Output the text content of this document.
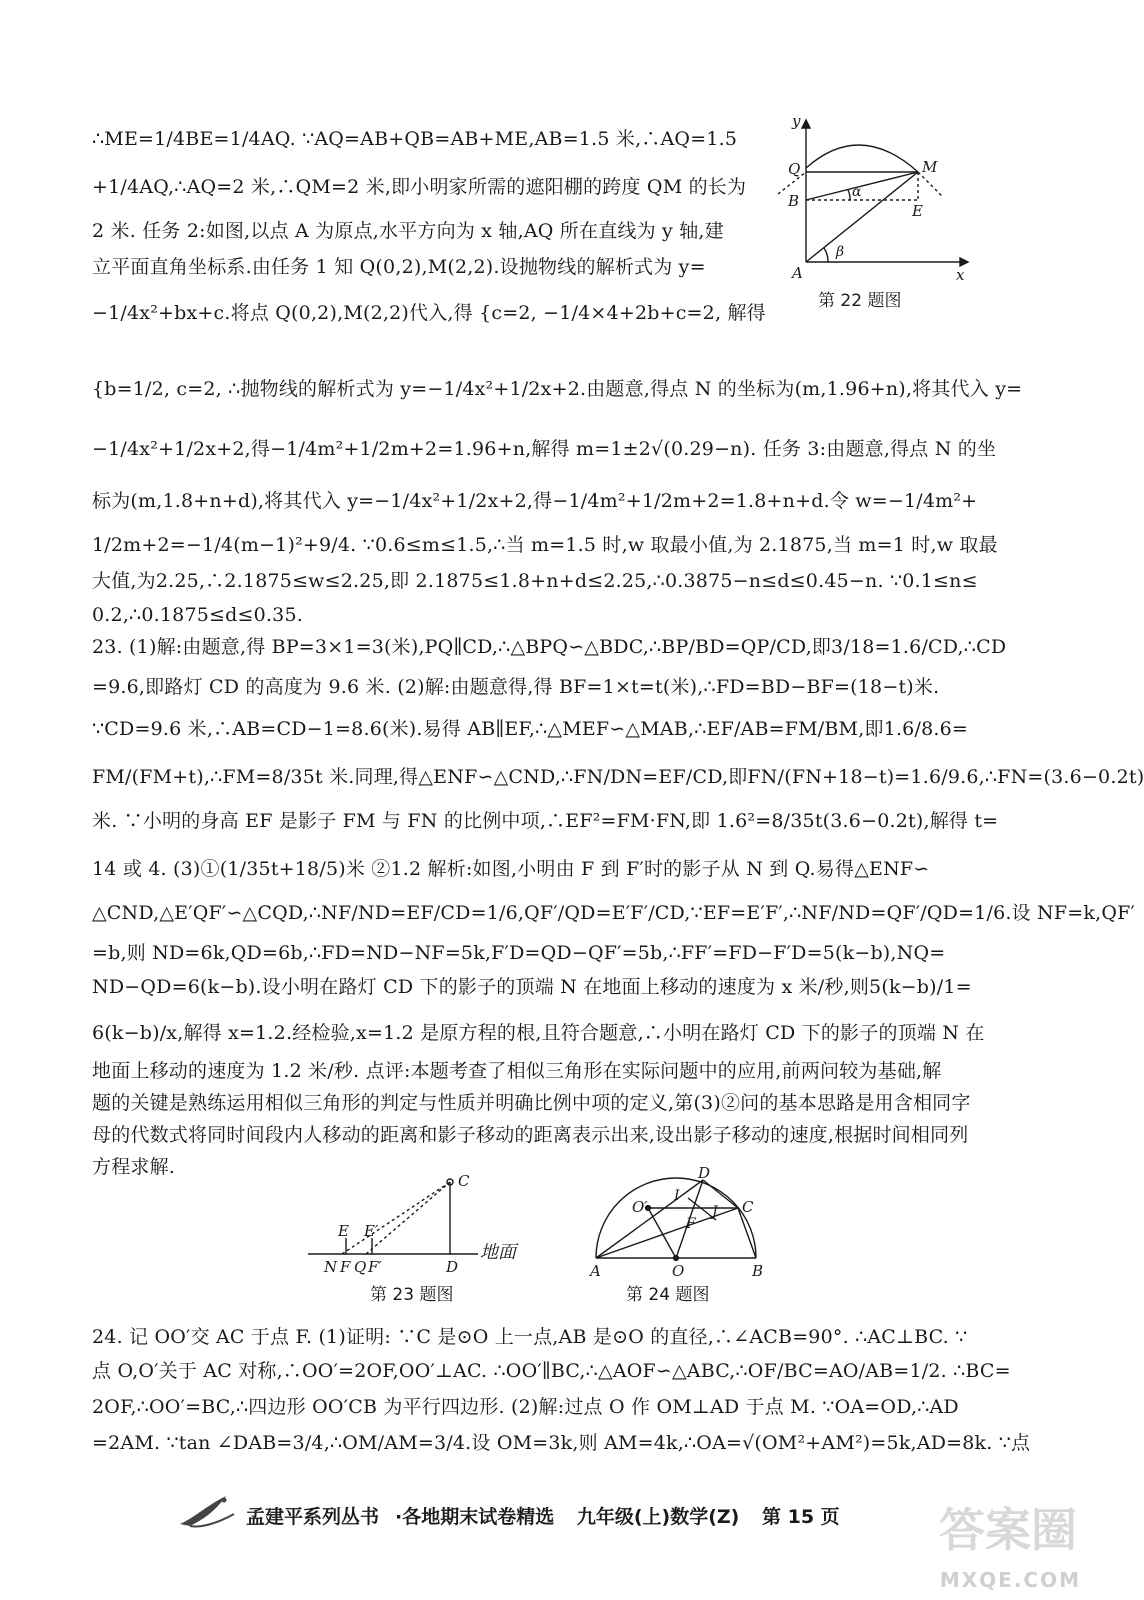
∴ME=1/4BE=1/4AQ. ∵AQ=AB+QB=AB+ME,AB=1.5 米,∴AQ=1.5
+1/4AQ,∴AQ=2 米,∴QM=2 米,即小明家所需的遮阳棚的跨度 QM 的长为
2 米. 任务 2:如图,以点 A 为原点,水平方向为 x 轴,AQ 所在直线为 y 轴,建
立平面直角坐标系.由任务 1 知 Q(0,2),M(2,2).设抛物线的解析式为 y=
−1/4x²+bx+c.将点 Q(0,2),M(2,2)代入,得 {c=2, −1/4×4+2b+c=2, 解得
{b=1/2, c=2, ∴抛物线的解析式为 y=−1/4x²+1/2x+2.由题意,得点 N 的坐标为(m,1.96+n),将其代入 y=
−1/4x²+1/2x+2,得−1/4m²+1/2m+2=1.96+n,解得 m=1±2√(0.29−n). 任务 3:由题意,得点 N 的坐
标为(m,1.8+n+d),将其代入 y=−1/4x²+1/2x+2,得−1/4m²+1/2m+2=1.8+n+d.令 w=−1/4m²+
1/2m+2=−1/4(m−1)²+9/4. ∵0.6≤m≤1.5,∴当 m=1.5 时,w 取最小值,为 2.1875,当 m=1 时,w 取最
大值,为2.25,∴2.1875≤w≤2.25,即 2.1875≤1.8+n+d≤2.25,∴0.3875−n≤d≤0.45−n. ∵0.1≤n≤
0.2,∴0.1875≤d≤0.35.
23. (1)解:由题意,得 BP=3×1=3(米),PQ∥CD,∴△BPQ∽△BDC,∴BP/BD=QP/CD,即3/18=1.6/CD,∴CD
=9.6,即路灯 CD 的高度为 9.6 米. (2)解:由题意得,得 BF=1×t=t(米),∴FD=BD−BF=(18−t)米.
∵CD=9.6 米,∴AB=CD−1=8.6(米).易得 AB∥EF,∴△MEF∽△MAB,∴EF/AB=FM/BM,即1.6/8.6=
FM/(FM+t),∴FM=8/35t 米.同理,得△ENF∽△CND,∴FN/DN=EF/CD,即FN/(FN+18−t)=1.6/9.6,∴FN=(3.6−0.2t)
米. ∵小明的身高 EF 是影子 FM 与 FN 的比例中项,∴EF²=FM·FN,即 1.6²=8/35t(3.6−0.2t),解得 t=
14 或 4. (3)①(1/35t+18/5)米 ②1.2 解析:如图,小明由 F 到 F′时的影子从 N 到 Q.易得△ENF∽
△CND,△E′QF′∽△CQD,∴NF/ND=EF/CD=1/6,QF′/QD=E′F′/CD,∵EF=E′F′,∴NF/ND=QF′/QD=1/6.设 NF=k,QF′
=b,则 ND=6k,QD=6b,∴FD=ND−NF=5k,F′D=QD−QF′=5b,∴FF′=FD−F′D=5(k−b),NQ=
ND−QD=6(k−b).设小明在路灯 CD 下的影子的顶端 N 在地面上移动的速度为 x 米/秒,则5(k−b)/1=
6(k−b)/x,解得 x=1.2.经检验,x=1.2 是原方程的根,且符合题意,∴小明在路灯 CD 下的影子的顶端 N 在
地面上移动的速度为 1.2 米/秒. 点评:本题考查了相似三角形在实际问题中的应用,前两问较为基础,解
题的关键是熟练运用相似三角形的判定与性质并明确比例中项的定义,第(3)②问的基本思路是用含相同字
母的代数式将同时间段内人移动的距离和影子移动的距离表示出来,设出影子移动的速度,根据时间相同列
方程求解.
24. 记 OO′交 AC 于点 F. (1)证明: ∵C 是⊙O 上一点,AB 是⊙O 的直径,∴∠ACB=90°. ∴AC⊥BC. ∵
点 O,O′关于 AC 对称,∴OO′=2OF,OO′⊥AC. ∴OO′∥BC,∴△AOF∽△ABC,∴OF/BC=AO/AB=1/2. ∴BC=
2OF,∴OO′=BC,∴四边形 OO′CB 为平行四边形. (2)解:过点 O 作 OM⊥AD 于点 M. ∵OA=OD,∴AD
=2AM. ∵tan ∠DAB=3/4,∴OM/AM=3/4.设 OM=3k,则 AM=4k,∴OA=√(OM²+AM²)=5k,AD=8k. ∵点
y
x
Q	M
B
E
A
α
β
第 22 题图
C
E E′
D
N F Q F′
地面
第 23 题图
D
C
O′
I
J
F
A	O	B
第 24 题图
孟建平系列丛书 ·各地期末试卷精选 九年级(上)数学(Z) 第 15 页	答案圈
MXQE.COM
